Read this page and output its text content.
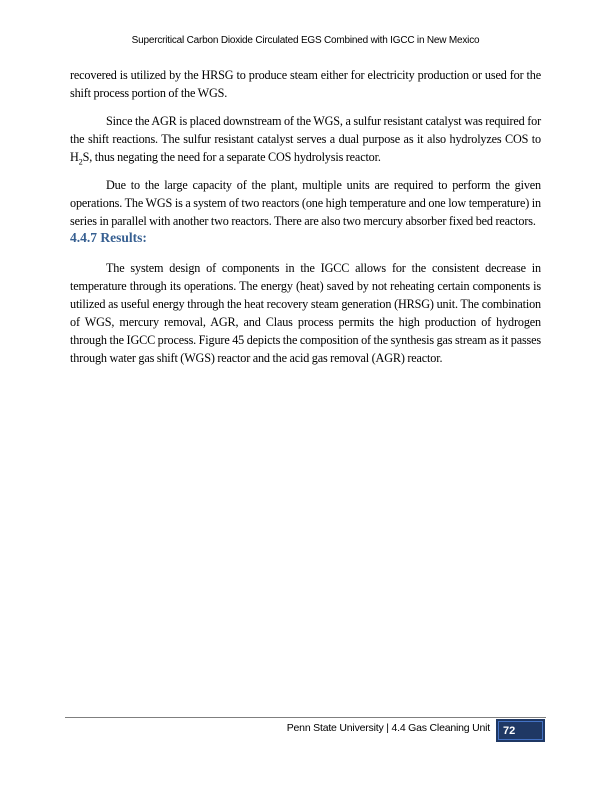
Supercritical Carbon Dioxide Circulated EGS Combined with IGCC in New Mexico

recovered is utilized by the HRSG to produce steam either for electricity production or used for the shift process portion of the WGS.

Since the AGR is placed downstream of the WGS, a sulfur resistant catalyst was required for the shift reactions. The sulfur resistant catalyst serves a dual purpose as it also hydrolyzes COS to $H_2S$, thus negating the need for a separate COS hydrolysis reactor.

Due to the large capacity of the plant, multiple units are required to perform the given operations. The WGS is a system of two reactors (one high temperature and one low temperature) in series in parallel with another two reactors. There are also two mercury absorber fixed bed reactors.

4.4.7 Results:

The system design of components in the IGCC allows for the consistent decrease in temperature through its operations. The energy (heat) saved by not reheating certain components is utilized as useful energy through the heat recovery steam generation (HRSG) unit. The combination of WGS, mercury removal, AGR, and Claus process permits the high production of hydrogen through the IGCC process. Figure 45 depicts the composition of the synthesis gas stream as it passes through water gas shift (WGS) reactor and the acid gas removal (AGR) reactor.

Penn State University | 4.4 Gas Cleaning Unit 72
